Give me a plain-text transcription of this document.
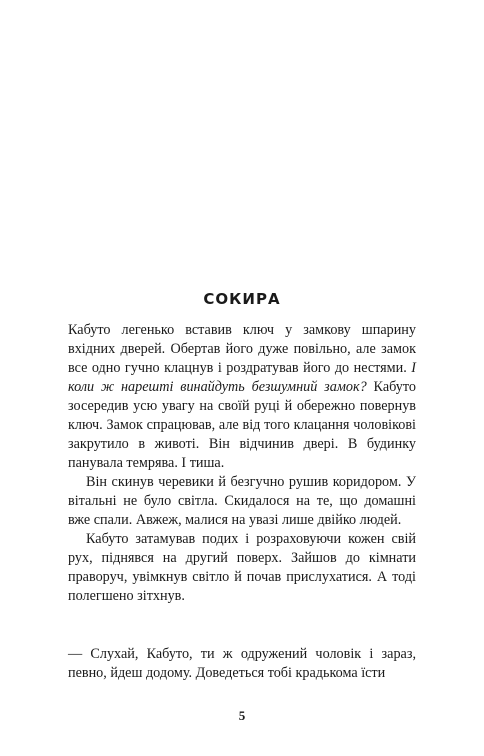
СОКИРА

Кабуто легенько вставив ключ у замкову шпарину вхідних дверей. Обертав його дуже повільно, але замок все одно гучно клацнув і роздратував його до нестями. І коли ж нарешті винайдуть безшумний замок? Кабуто зосередив усю увагу на своїй руці й обережно повернув ключ. Замок спрацював, але від того клацання чоловікові закрутило в животі. Він відчинив двері. В будинку панувала темрява. І тиша.

Він скинув черевики й безгучно рушив коридором. У вітальні не було світла. Скидалося на те, що домашні вже спали. Авжеж, малися на увазі лише двійко людей.

Кабуто затамував подих і розраховуючи кожен свій рух, піднявся на другий поверх. Зайшов до кімнати праворуч, увімкнув світло й почав прислухатися. А тоді полегшено зітхнув.

— Слухай, Кабуто, ти ж одружений чоловік і зараз, певно, йдеш додому. Доведеться тобі крадькома їсти

5
